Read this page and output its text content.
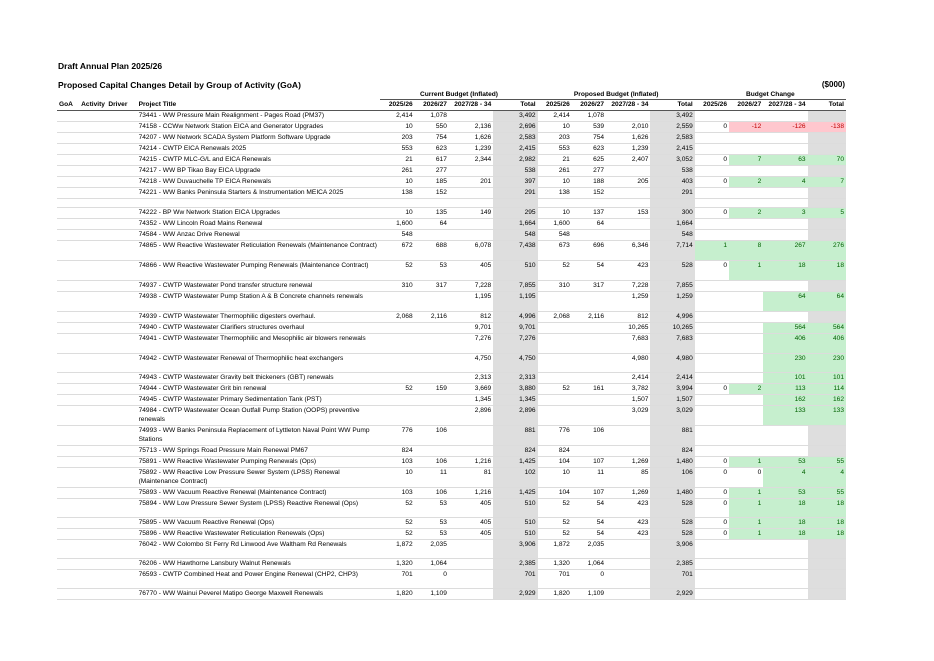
Draft Annual Plan 2025/26
Proposed Capital Changes Detail by Group of Activity (GoA)	($000)
				Current Budget (Inflated)				Proposed Budget (Inflated)				Budget Change			
GoA	Activity	Driver	Project Title	2025/26	2026/27	2027/28 - 34	Total	2025/26	2026/27	2027/28 - 34	Total	2025/26	2026/27	2027/28 - 34	Total
			73441 - WW Pressure Main Realignment - Pages Road (PM37)	2,414	1,078		3,492	2,414	1,078		3,492				
			74158 - CCWw Network Station EICA and Generator Upgrades	10	550	2,136	2,696	10	539	2,010	2,559	0	-12	-126	-138
			74207 - WW Network SCADA System Platform Software Upgrade	203	754	1,626	2,583	203	754	1,626	2,583				
			74214 - CWTP EICA Renewals 2025	553	623	1,239	2,415	553	623	1,239	2,415				
			74215 - CWTP MLC-G/L and EICA Renewals	21	617	2,344	2,982	21	625	2,407	3,052	0	7	63	70
			74217 - WW BP Tikao Bay EICA Upgrade	261	277		538	261	277		538				
			74218 - WW Duvauchelle TP EICA Renewals	10	185	201	397	10	188	205	403	0	2	4	7
			74221 - WW Banks Peninsula Starters & Instrumentation MEICA 2025	138	152		291	138	152		291				

			74222 - BP Ww Network Station EICA Upgrades	10	135	149	295	10	137	153	300	0	2	3	5
			74352 - WW Lincoln Road Mains Renewal	1,600	64		1,664	1,600	64		1,664				
			74584 - WW Anzac Drive Renewal	548			548	548			548				
			74865 - WW Reactive Wastewater Reticulation Renewals (Maintenance Contract)	672	688	6,078	7,438	673	696	6,346	7,714	1	8	267	276
			74866 - WW Reactive Wastewater Pumping Renewals (Maintenance Contract)	52	53	405	510	52	54	423	528	0	1	18	18
			74937 - CWTP Wastewater Pond transfer structure renewal	310	317	7,228	7,855	310	317	7,228	7,855				
			74938 - CWTP Wastewater Pump Station A & B Concrete channels renewals			1,195	1,195			1,259	1,259			64	64
			74939 - CWTP Wastewater Thermophilic digesters overhaul.	2,068	2,116	812	4,996	2,068	2,116	812	4,996				
			74940 - CWTP Wastewater Clarifiers structures overhaul			9,701	9,701			10,265	10,265			564	564
			74941 - CWTP Wastewater Thermophilic and Mesophilic air blowers renewals			7,276	7,276			7,683	7,683			406	406
			74942 - CWTP Wastewater Renewal of Thermophilic heat exchangers			4,750	4,750			4,980	4,980			230	230
			74943 - CWTP Wastewater Gravity belt thickeners (GBT) renewals			2,313	2,313			2,414	2,414			101	101
			74944 - CWTP Wastewater Grit bin renewal	52	159	3,669	3,880	52	161	3,782	3,994	0	2	113	114
			74945 - CWTP Wastewater Primary Sedimentation Tank (PST)			1,345	1,345			1,507	1,507			162	162
			74984 - CWTP Wastewater Ocean Outfall Pump Station (OOPS) preventive renewals			2,896	2,896			3,029	3,029			133	133
			74993 - WW Banks Peninsula Replacement of Lyttleton Naval Point WW Pump Stations	776	106		881	776	106		881				
			75713 - WW Springs Road Pressure Main Renewal PM67	824			824	824			824				
			75891 - WW Reactive Wastewater Pumping Renewals (Ops)	103	106	1,216	1,425	104	107	1,269	1,480	0	1	53	55
			75892 - WW Reactive Low Pressure Sewer System (LPSS) Renewal (Maintenance Contract)	10	11	81	102	10	11	85	106	0	0	4	4
			75893 - WW Vacuum Reactive Renewal (Maintenance Contract)	103	106	1,216	1,425	104	107	1,269	1,480	0	1	53	55
			75894 - WW Low Pressure Sewer System (LPSS) Reactive Renewal (Ops)	52	53	405	510	52	54	423	528	0	1	18	18
			75895 - WW Vacuum Reactive Renewal (Ops)	52	53	405	510	52	54	423	528	0	1	18	18
			75896 - WW Reactive Wastewater Reticulation Renewals (Ops)	52	53	405	510	52	54	423	528	0	1	18	18
			76042 - WW Colombo St Ferry Rd Linwood Ave Waltham Rd Renewals	1,872	2,035		3,906	1,872	2,035		3,906				
			76206 - WW Hawthorne Lansbury Walnut Renewals	1,320	1,064		2,385	1,320	1,064		2,385				
			76593 - CWTP Combined Heat and Power Engine Renewal (CHP2, CHP3)	701	0		701	701	0		701				
			76770 - WW Wainui Peverel Matipo George Maxwell Renewals	1,820	1,109		2,929	1,820	1,109		2,929				
